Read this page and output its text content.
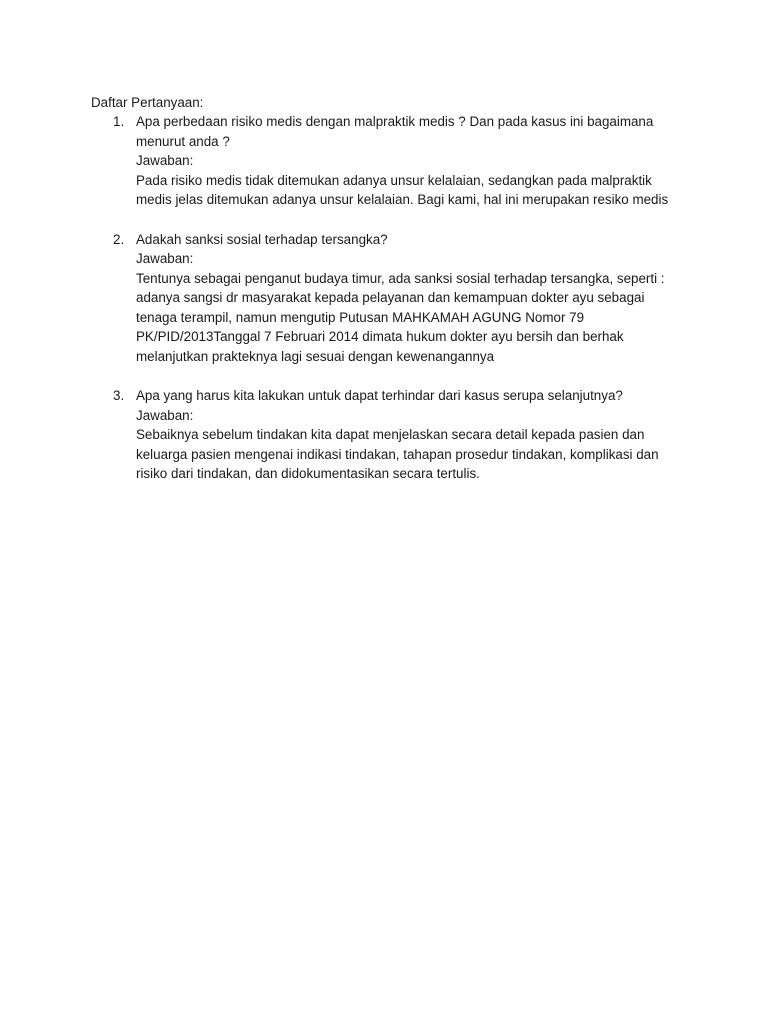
Daftar Pertanyaan:
1. Apa perbedaan risiko medis dengan malpraktik medis ? Dan pada kasus ini bagaimana
menurut anda ?
Jawaban:
Pada risiko medis tidak ditemukan adanya unsur kelalaian, sedangkan pada malpraktik
medis jelas ditemukan adanya unsur kelalaian. Bagi kami, hal ini merupakan resiko medis
2. Adakah sanksi sosial terhadap tersangka?
Jawaban:
Tentunya sebagai penganut budaya timur, ada sanksi sosial terhadap tersangka, seperti :
adanya sangsi dr masyarakat kepada pelayanan dan kemampuan dokter ayu sebagai
tenaga terampil, namun mengutip Putusan MAHKAMAH AGUNG Nomor 79
PK/PID/2013Tanggal 7 Februari 2014 dimata hukum dokter ayu bersih dan berhak
melanjutkan prakteknya lagi sesuai dengan kewenangannya
3. Apa yang harus kita lakukan untuk dapat terhindar dari kasus serupa selanjutnya?
Jawaban:
Sebaiknya sebelum tindakan kita dapat menjelaskan secara detail kepada pasien dan
keluarga pasien mengenai indikasi tindakan, tahapan prosedur tindakan, komplikasi dan
risiko dari tindakan, dan didokumentasikan secara tertulis.
